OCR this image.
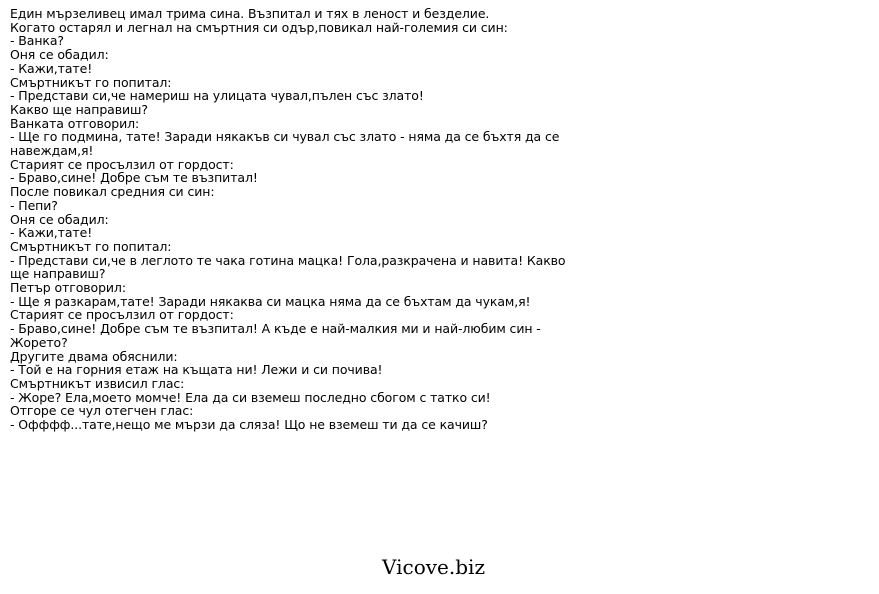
Един мързеливец имал трима сина. Възпитал и тях в леност и безделие.
Когато остарял и легнал на смъртния си одър,повикал най-големия си син:
- Ванка?
Оня се обадил:
- Кажи,тате!
Смъртникът го попитал:
- Представи си,че намериш на улицата чувал,пълен със злато!
Какво ще направиш?
Ванката отговорил:
- Ще го подмина, тате! Заради някакъв си чувал със злато - няма да се бъхтя да се навеждам,я!
Старият се просълзил от гордост:
- Браво,сине! Добре съм те възпитал!
После повикал средния си син:
- Пепи?
Оня се обадил:
- Кажи,тате!
Смъртникът го попитал:
- Представи си,че в леглото те чака готина мацка! Гола,разкрачена и навита! Какво ще направиш?
Петър отговорил:
- Ще я разкарам,тате! Заради някаква си мацка няма да се бъхтам да чукам,я!
Старият се просълзил от гордост:
- Браво,сине! Добре съм те възпитал! А къде е най-малкия ми и най-любим син - Жорето?
Другите двама обяснили:
- Той е на горния етаж на къщата ни! Лежи и си почива!
Смъртникът извисил глас:
- Жоре? Ела,моето момче! Ела да си вземеш последно сбогом с татко си!
Отгоре се чул отегчен глас:
- Офффф...тате,нещо ме мързи да сляза! Що не вземеш ти да се качиш?
Vicove.biz
